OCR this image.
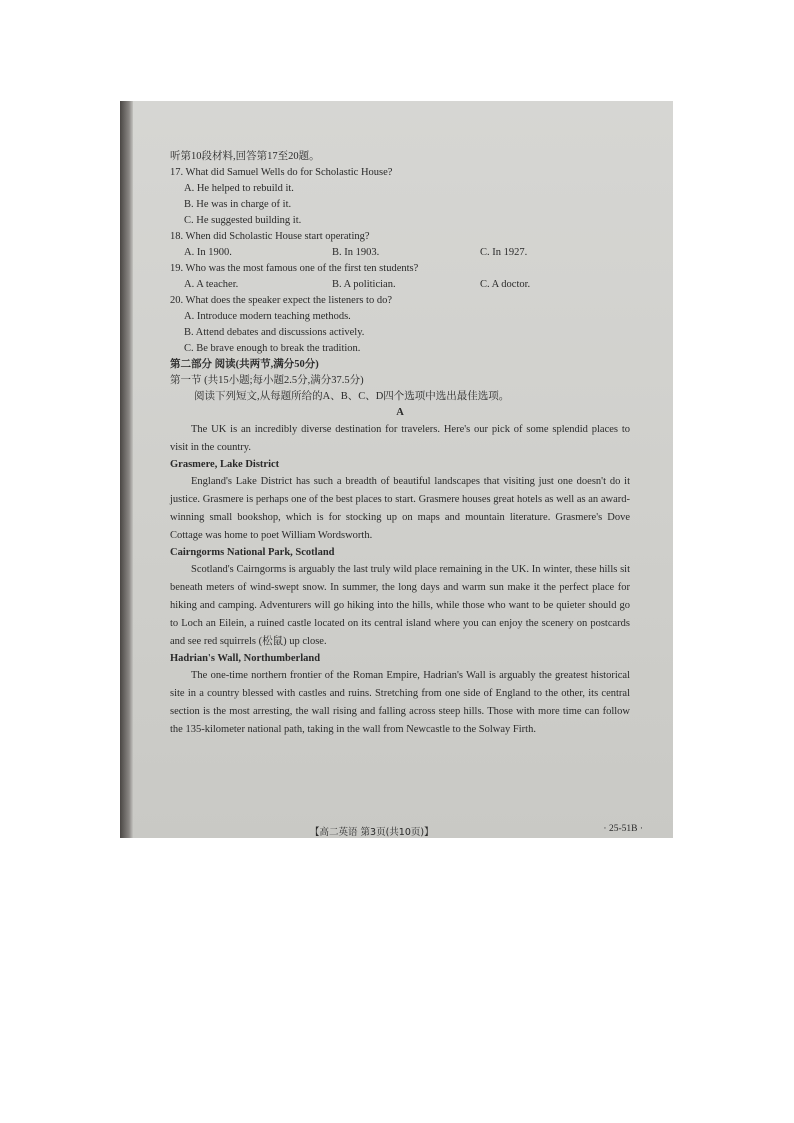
听第10段材料,回答第17至20题。
17. What did Samuel Wells do for Scholastic House?
A. He helped to rebuild it.
B. He was in charge of it.
C. He suggested building it.
18. When did Scholastic House start operating?
A. In 1900.	B. In 1903.	C. In 1927.
19. Who was the most famous one of the first ten students?
A. A teacher.	B. A politician.	C. A doctor.
20. What does the speaker expect the listeners to do?
A. Introduce modern teaching methods.
B. Attend debates and discussions actively.
C. Be brave enough to break the tradition.
第二部分 阅读(共两节,满分50分)
第一节 (共15小题;每小题2.5分,满分37.5分)
阅读下列短文,从每题所给的A、B、C、D四个选项中选出最佳选项。
A

The UK is an incredibly diverse destination for travelers. Here's our pick of some splendid places to visit in the country.

Grasmere, Lake District

England's Lake District has such a breadth of beautiful landscapes that visiting just one doesn't do it justice. Grasmere is perhaps one of the best places to start. Grasmere houses great hotels as well as an award-winning small bookshop, which is for stocking up on maps and mountain literature. Grasmere's Dove Cottage was home to poet William Wordsworth.

Cairngorms National Park, Scotland

Scotland's Cairngorms is arguably the last truly wild place remaining in the UK. In winter, these hills sit beneath meters of wind-swept snow. In summer, the long days and warm sun make it the perfect place for hiking and camping. Adventurers will go hiking into the hills, while those who want to be quieter should go to Loch an Eilein, a ruined castle located on its central island where you can enjoy the scenery on postcards and see red squirrels (松鼠) up close.

Hadrian's Wall, Northumberland

The one-time northern frontier of the Roman Empire, Hadrian's Wall is arguably the greatest historical site in a country blessed with castles and ruins. Stretching from one side of England to the other, its central section is the most arresting, the wall rising and falling across steep hills. Those with more time can follow the 135-kilometer national path, taking in the wall from Newcastle to the Solway Firth.

【高二英语 第3页(共10页)】	· 25-51B ·
